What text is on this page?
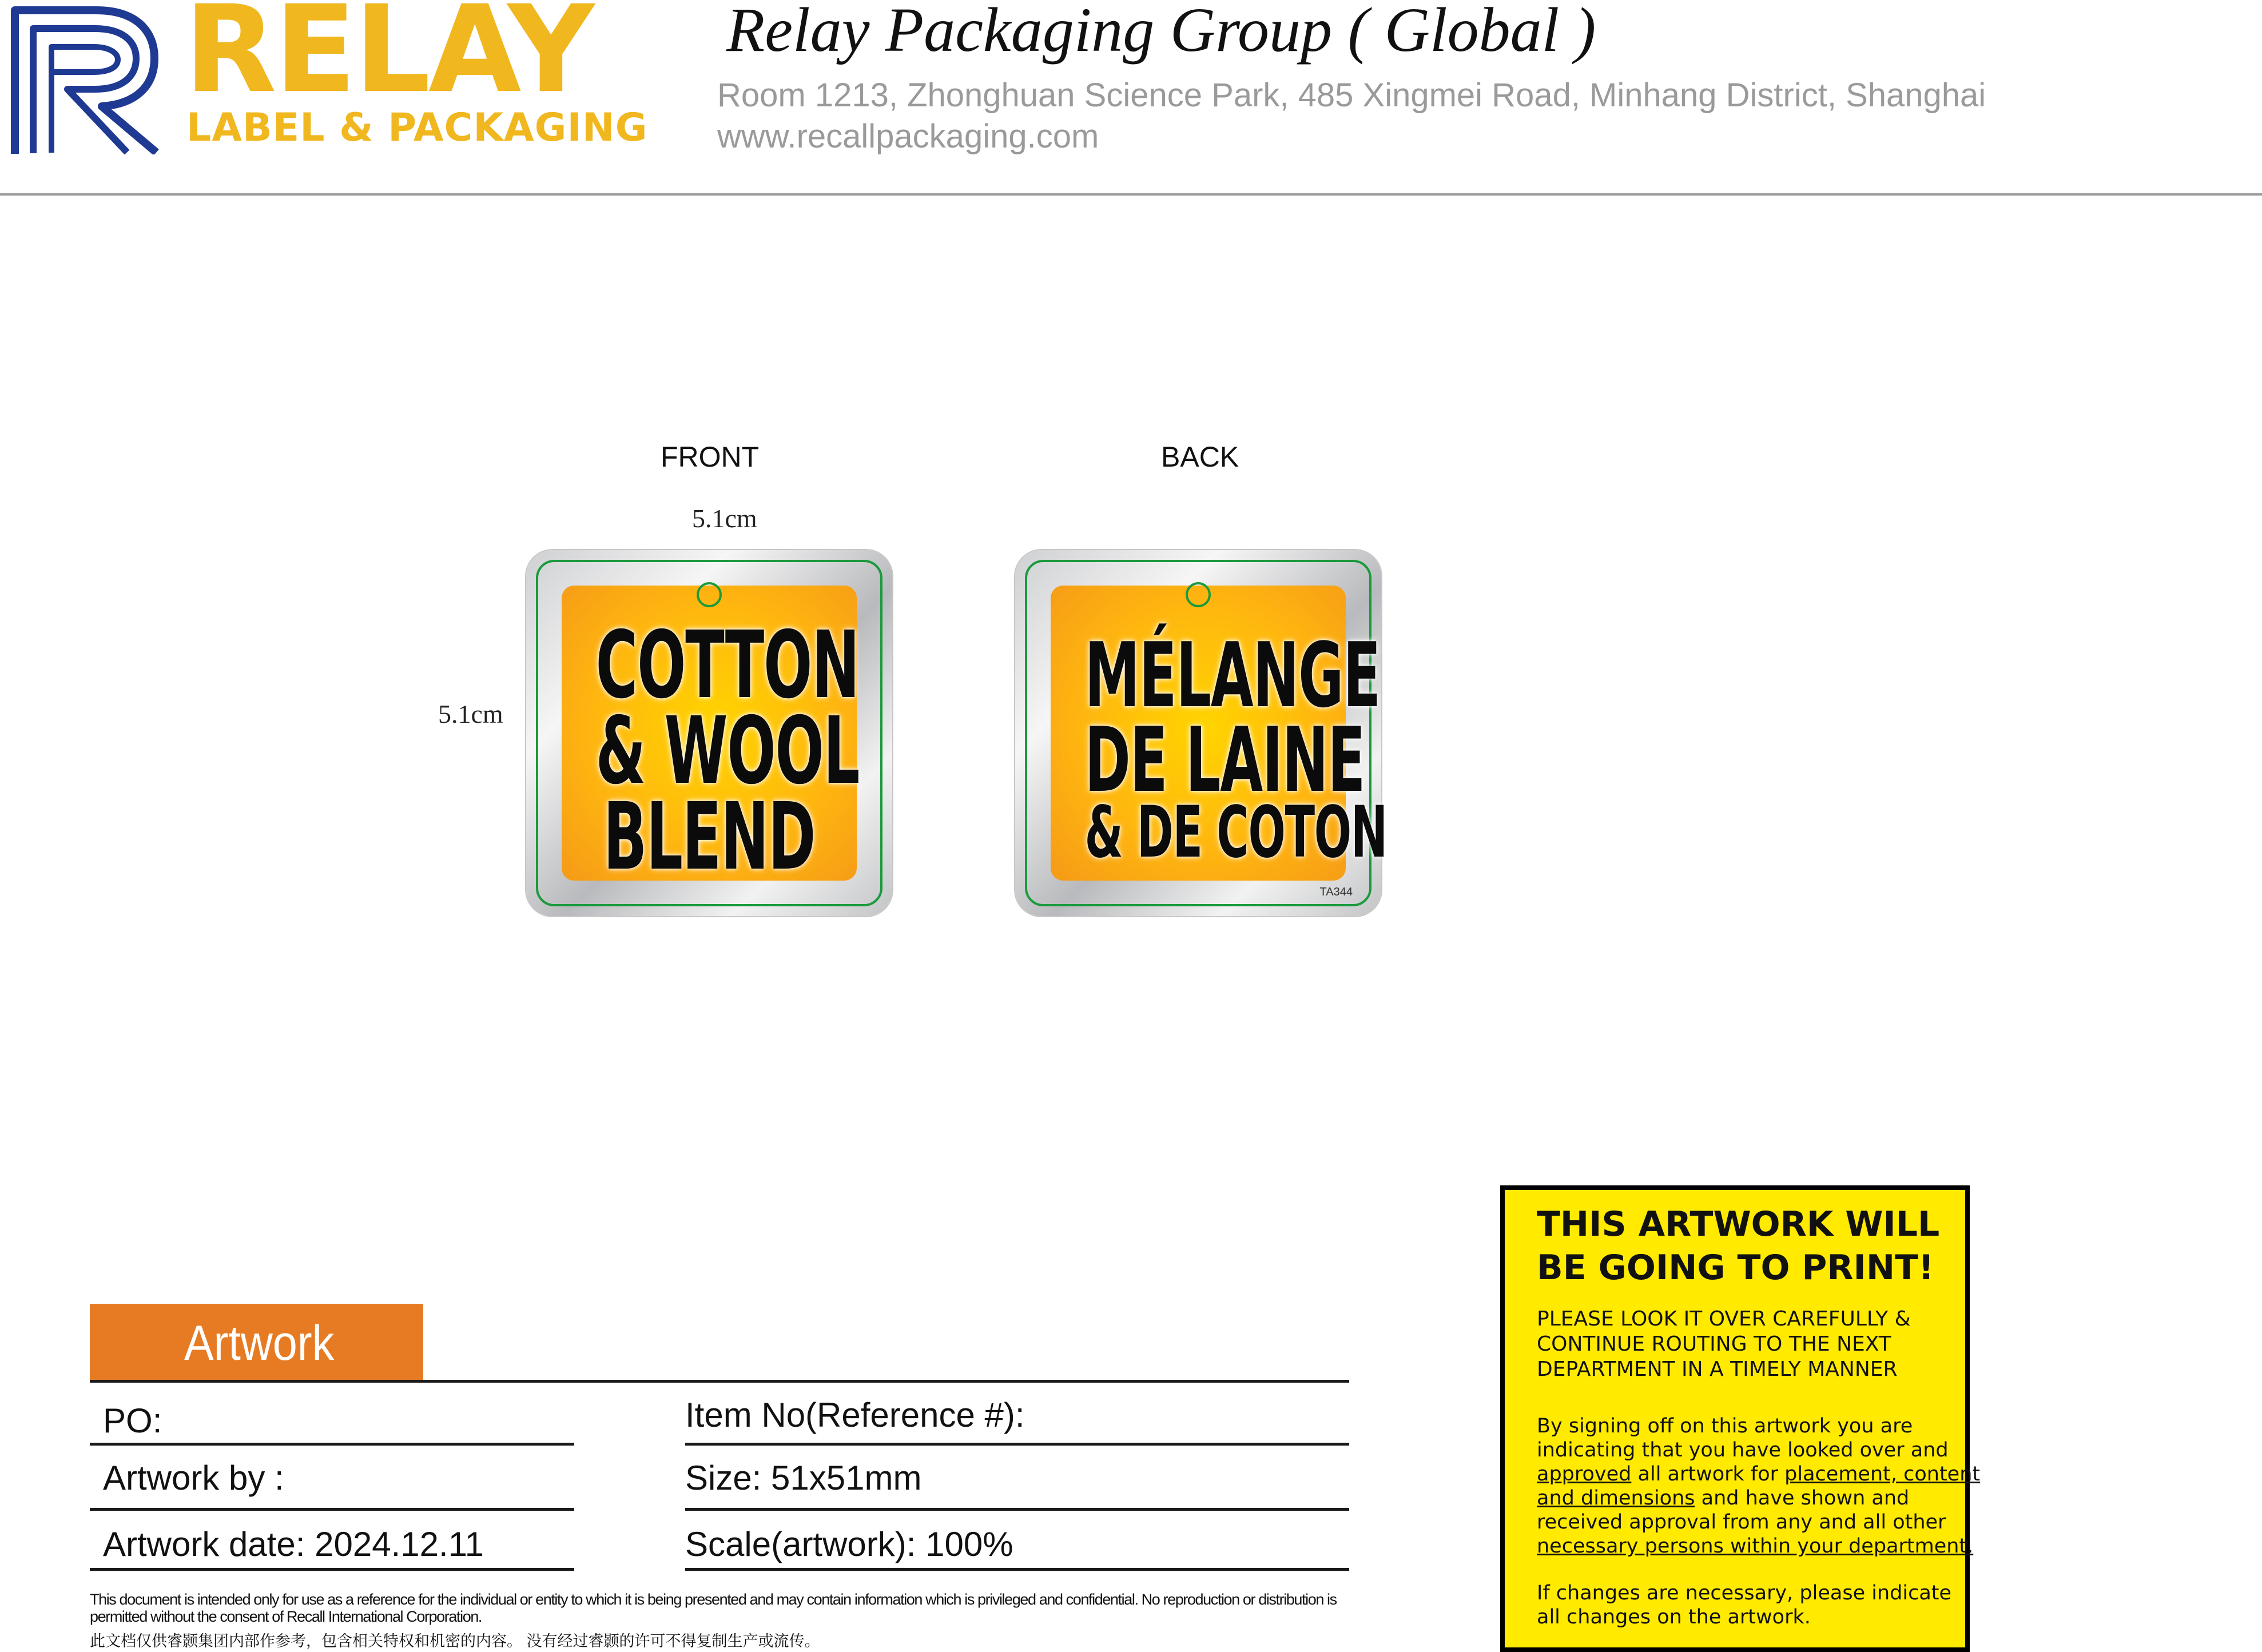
RELAY
LABEL & PACKAGING
Relay Packaging Group ( Global )
Room 1213, Zhonghuan Science Park, 485 Xingmei Road, Minhang District, Shanghai
www.recallpackaging.com
FRONT	BACK
5.1cm
5.1cm COTTON
& WOOL
BLEND
MÉLANGE
DE LAINE
& DE COTON
TA344
Artwork
PO:
Artwork by :
Artwork date: 2024.12.11
Item No(Reference #):
Size: 51x51mm
Scale(artwork): 100%
This document is intended only for use as a reference for the individual or entity to which it is being presented and may contain information which is privileged and confidential. No reproduction or distribution is permitted without the consent of Recall International Corporation.
此文档仅供睿颢集团内部作参考，包含相关特权和机密的内容。 没有经过睿颢的许可不得复制生产或流传。
THIS ARTWORK WILL
BE GOING TO PRINT!
PLEASE LOOK IT OVER CAREFULLY &
CONTINUE ROUTING TO THE NEXT
DEPARTMENT IN A TIMELY MANNER
By signing off on this artwork you are
indicating that you have looked over and
approved all artwork for placement, content
and dimensions and have shown and
received approval from any and all other
necessary persons within your department.
If changes are necessary, please indicate
all changes on the artwork.
